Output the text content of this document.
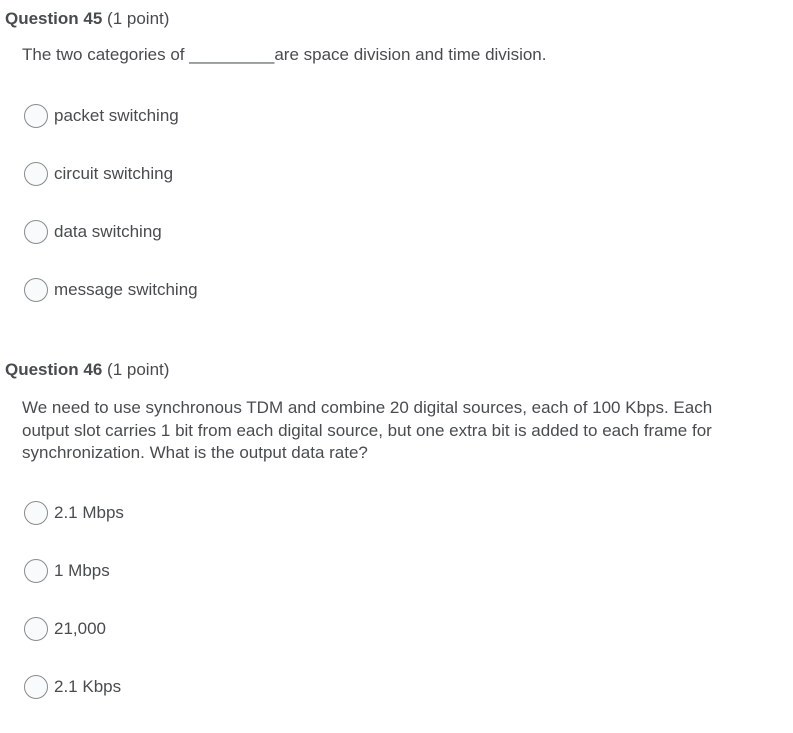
Question 45 (1 point)
The two categories of _________are space division and time division.
packet switching
circuit switching
data switching
message switching
Question 46 (1 point)
We need to use synchronous TDM and combine 20 digital sources, each of 100 Kbps. Each output slot carries 1 bit from each digital source, but one extra bit is added to each frame for synchronization. What is the output data rate?
2.1 Mbps
1 Mbps
21,000
2.1 Kbps
